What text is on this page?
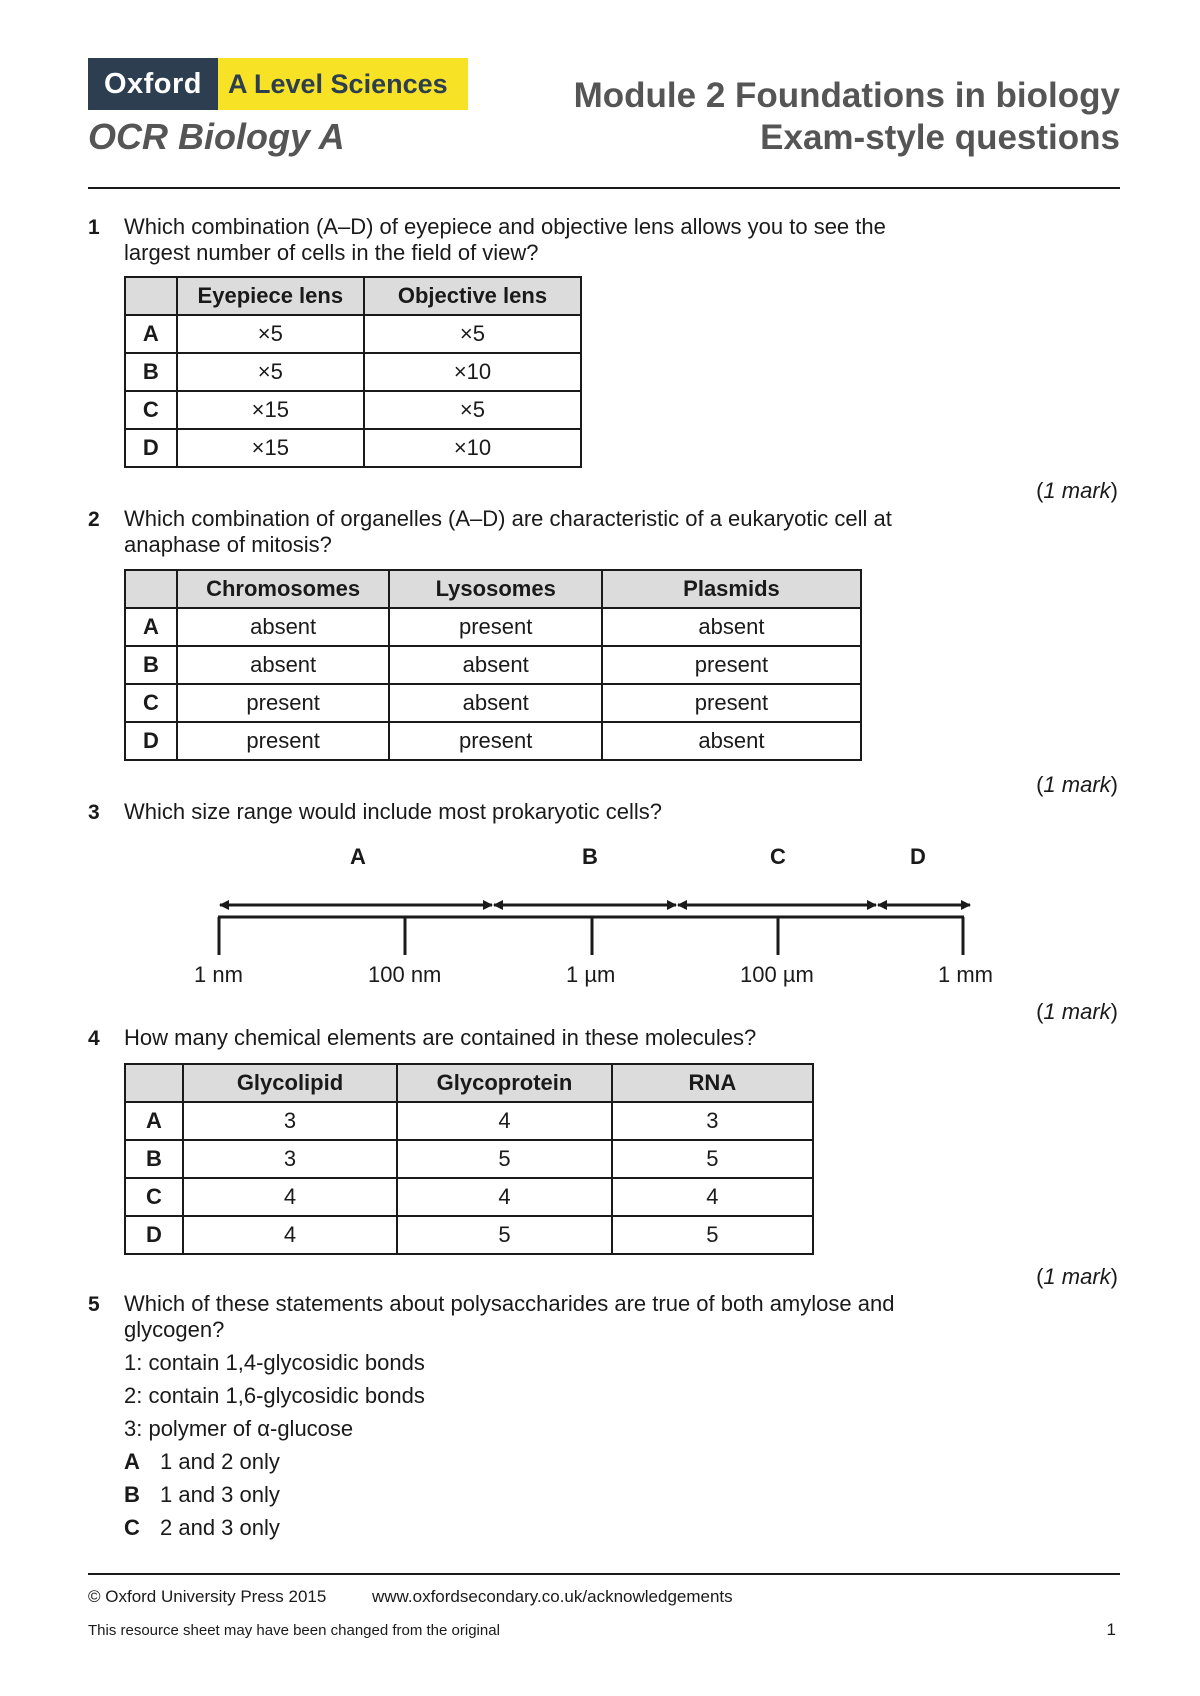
Oxford A Level Sciences
OCR Biology A
Module 2 Foundations in biology
Exam-style questions
1 Which combination (A–D) of eyepiece and objective lens allows you to see the largest number of cells in the field of view?
	Eyepiece lens	Objective lens
A	×5	×5
B	×5	×10
C	×15	×5
D	×15	×10
(1 mark)
2 Which combination of organelles (A–D) are characteristic of a eukaryotic cell at anaphase of mitosis?
	Chromosomes	Lysosomes	Plasmids
A	absent	present	absent
B	absent	absent	present
C	present	absent	present
D	present	present	absent
(1 mark)
3 Which size range would include most prokaryotic cells?
A	B	C	D
1 nm	100 nm	1 µm	100 µm	1 mm
(1 mark)
4 How many chemical elements are contained in these molecules?
	Glycolipid	Glycoprotein	RNA
A	3	4	3
B	3	5	5
C	4	4	4
D	4	5	5
(1 mark)
5 Which of these statements about polysaccharides are true of both amylose and glycogen?
1: contain 1,4-glycosidic bonds
2: contain 1,6-glycosidic bonds
3: polymer of α-glucose
A 1 and 2 only
B 1 and 3 only
C 2 and 3 only
© Oxford University Press 2015	www.oxfordsecondary.co.uk/acknowledgements
This resource sheet may have been changed from the original	1
